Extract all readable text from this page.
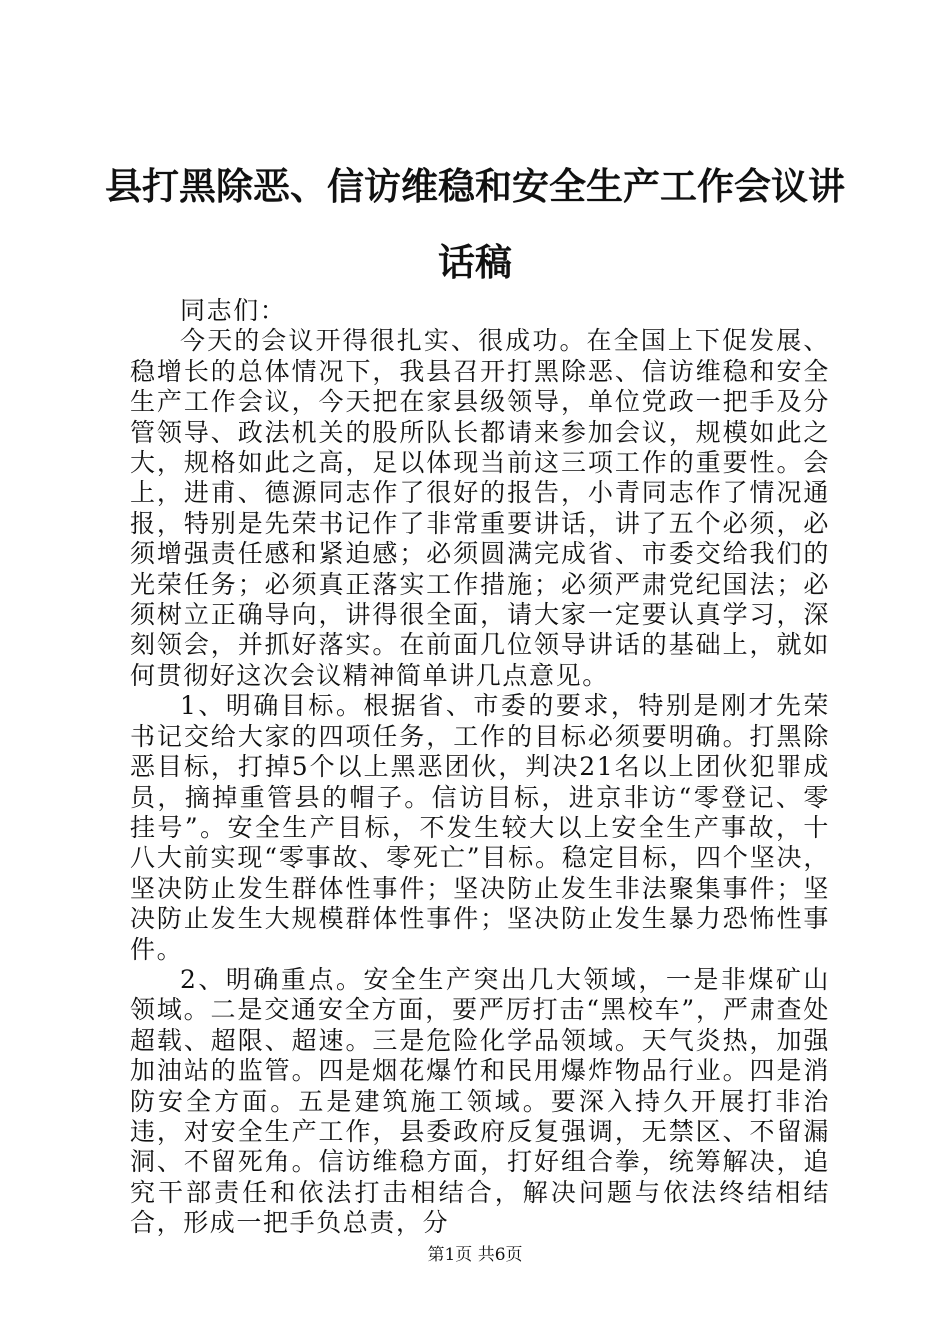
县打黑除恶、信访维稳和安全生产工作会议讲
话稿

同志们：

今天的会议开得很扎实、很成功。在全国上下促发展、稳增长的总体情况下，我县召开打黑除恶、信访维稳和安全生产工作会议，今天把在家县级领导，单位党政一把手及分管领导、政法机关的股所队长都请来参加会议，规模如此之大，规格如此之高，足以体现当前这三项工作的重要性。会上，进甫、德源同志作了很好的报告，小青同志作了情况通报，特别是先荣书记作了非常重要讲话，讲了五个必须，必须增强责任感和紧迫感；必须圆满完成省、市委交给我们的光荣任务；必须真正落实工作措施；必须严肃党纪国法；必须树立正确导向，讲得很全面，请大家一定要认真学习，深刻领会，并抓好落实。在前面几位领导讲话的基础上，就如何贯彻好这次会议精神简单讲几点意见。

1、明确目标。根据省、市委的要求，特别是刚才先荣书记交给大家的四项任务，工作的目标必须要明确。打黑除恶目标，打掉5个以上黑恶团伙，判决21名以上团伙犯罪成员，摘掉重管县的帽子。信访目标，进京非访“零登记、零挂号”。安全生产目标，不发生较大以上安全生产事故，十八大前实现“零事故、零死亡”目标。稳定目标，四个坚决，坚决防止发生群体性事件；坚决防止发生非法聚集事件；坚决防止发生大规模群体性事件；坚决防止发生暴力恐怖性事件。

2、明确重点。安全生产突出几大领域，一是非煤矿山领域。二是交通安全方面，要严厉打击“黑校车”，严肃查处超载、超限、超速。三是危险化学品领域。天气炎热，加强加油站的监管。四是烟花爆竹和民用爆炸物品行业。四是消防安全方面。五是建筑施工领域。要深入持久开展打非治违，对安全生产工作，县委政府反复强调，无禁区、不留漏洞、不留死角。信访维稳方面，打好组合拳，统筹解决，追究干部责任和依法打击相结合，解决问题与依法终结相结合，形成一把手负总责，分

第1页 共6页
